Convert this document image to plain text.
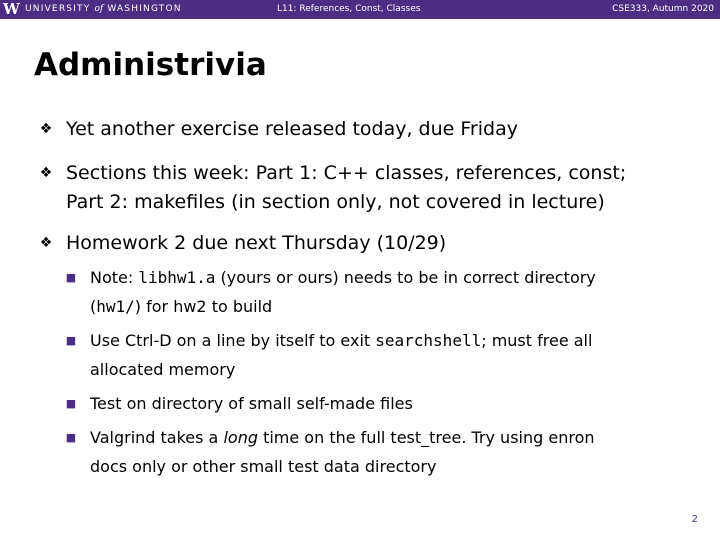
W UNIVERSITY of WASHINGTON	L11: References, Const, Classes	CSE333, Autumn 2020
Administrivia
❖ Yet another exercise released today, due Friday
❖ Sections this week: Part 1: C++ classes, references, const;
Part 2: makefiles (in section only, not covered in lecture)
❖ Homework 2 due next Thursday (10/29)
■ Note: libhw1.a (yours or ours) needs to be in correct directory
(hw1/) for hw2 to build
■ Use Ctrl-D on a line by itself to exit searchshell; must free all
allocated memory
■ Test on directory of small self-made files
■ Valgrind takes a long time on the full test_tree. Try using enron
docs only or other small test data directory
2
